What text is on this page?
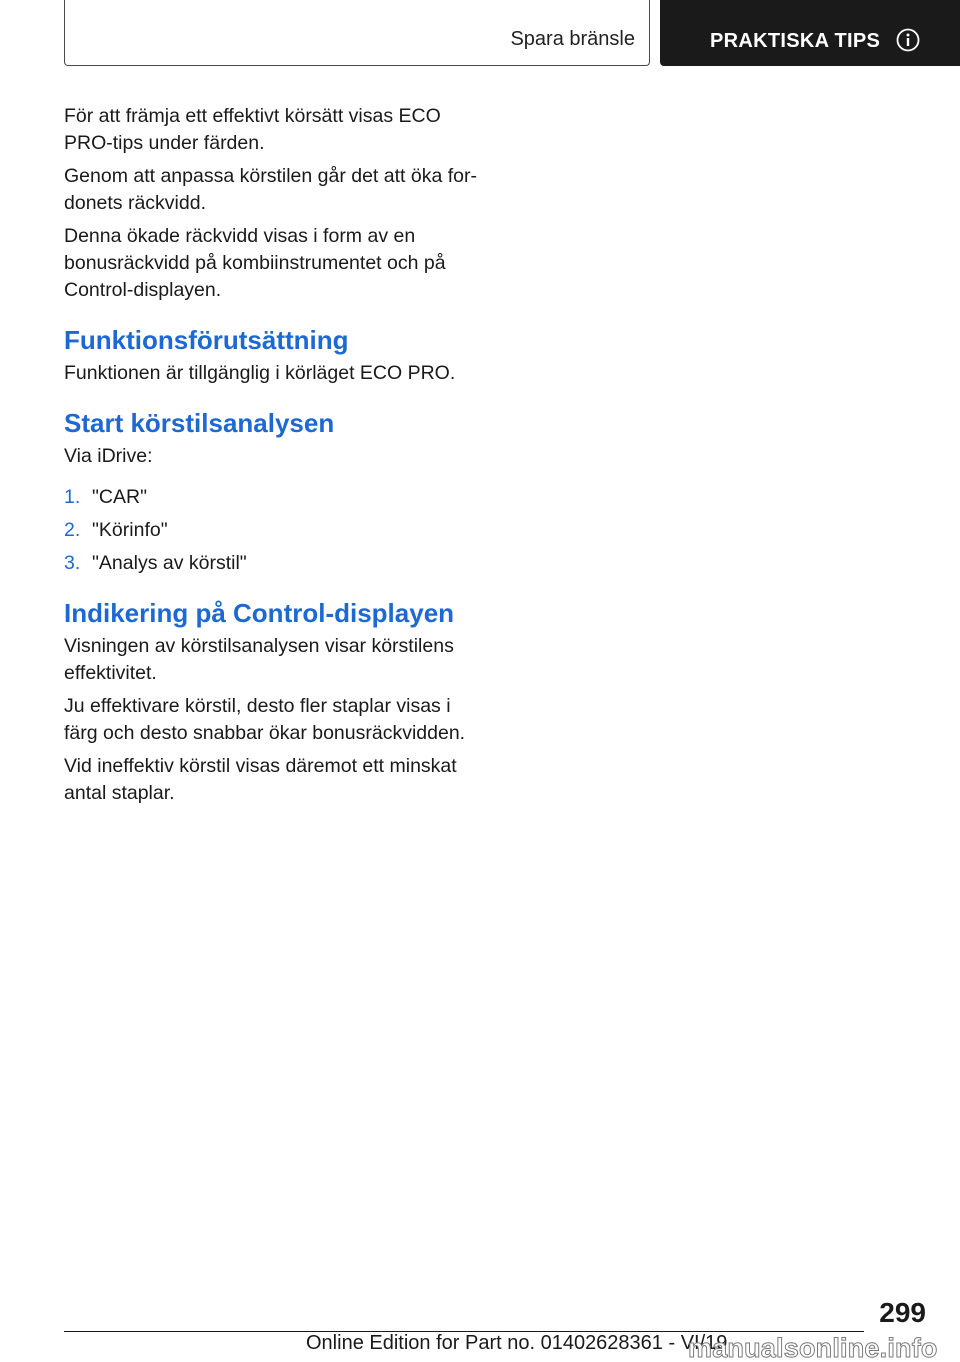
Spara bränsle	PRAKTISKA TIPS

För att främja ett effektivt körsätt visas ECO PRO-tips under färden.

Genom att anpassa körstilen går det att öka fordonets räckvidd.

Denna ökade räckvidd visas i form av en bonusräckvidd på kombiinstrumentet och på Control-displayen.

Funktionsförutsättning

Funktionen är tillgänglig i körläget ECO PRO.

Start körstilsanalysen

Via iDrive:

1. "CAR"
2. "Körinfo"
3. "Analys av körstil"
Indikering på Control-displayen

Visningen av körstilsanalysen visar körstilens effektivitet.

Ju effektivare körstil, desto fler staplar visas i färg och desto snabbar ökar bonusräckvidden.

Vid ineffektiv körstil visas däremot ett minskat antal staplar.

299
Online Edition for Part no. 01402628361 - VI/19
manualsonline.info
